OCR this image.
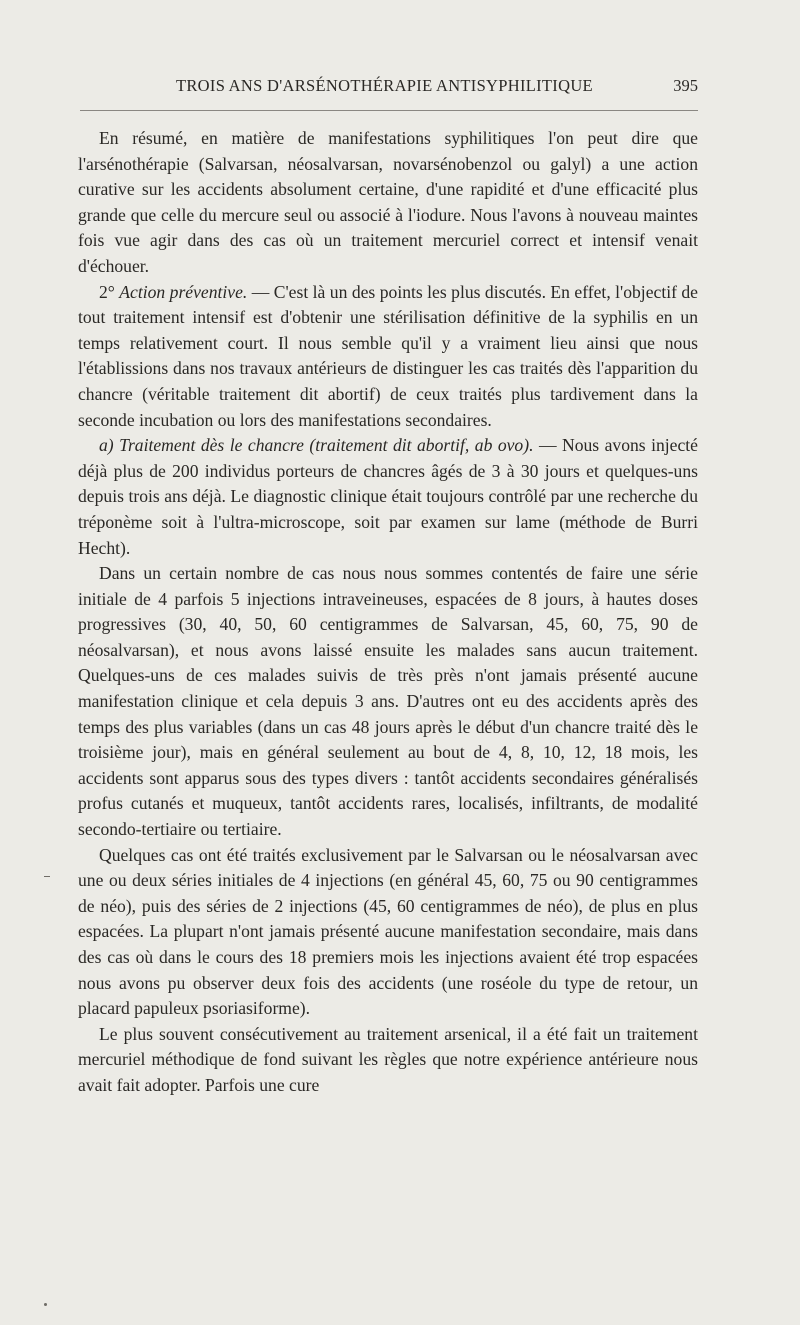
TROIS ANS D'ARSÉNOTHÉRAPIE ANTISYPHILITIQUE	395

En résumé, en matière de manifestations syphilitiques l'on peut dire que l'arsénothérapie (Salvarsan, néosalvarsan, novarsénobenzol ou galyl) a une action curative sur les accidents absolument certaine, d'une rapidité et d'une efficacité plus grande que celle du mercure seul ou associé à l'iodure. Nous l'avons à nouveau maintes fois vue agir dans des cas où un traitement mercuriel correct et intensif venait d'échouer.

2° Action préventive. — C'est là un des points les plus discutés. En effet, l'objectif de tout traitement intensif est d'obtenir une stérilisation définitive de la syphilis en un temps relativement court. Il nous semble qu'il y a vraiment lieu ainsi que nous l'établissions dans nos travaux antérieurs de distinguer les cas traités dès l'apparition du chancre (véritable traitement dit abortif) de ceux traités plus tardivement dans la seconde incubation ou lors des manifestations secondaires.

a) Traitement dès le chancre (traitement dit abortif, ab ovo). — Nous avons injecté déjà plus de 200 individus porteurs de chancres âgés de 3 à 30 jours et quelques-uns depuis trois ans déjà. Le diagnostic clinique était toujours contrôlé par une recherche du tréponème soit à l'ultra-microscope, soit par examen sur lame (méthode de Burri Hecht).

Dans un certain nombre de cas nous nous sommes contentés de faire une série initiale de 4 parfois 5 injections intraveineuses, espacées de 8 jours, à hautes doses progressives (30, 40, 50, 60 centigrammes de Salvarsan, 45, 60, 75, 90 de néosalvarsan), et nous avons laissé ensuite les malades sans aucun traitement. Quelques-uns de ces malades suivis de très près n'ont jamais présenté aucune manifestation clinique et cela depuis 3 ans. D'autres ont eu des accidents après des temps des plus variables (dans un cas 48 jours après le début d'un chancre traité dès le troisième jour), mais en général seulement au bout de 4, 8, 10, 12, 18 mois, les accidents sont apparus sous des types divers : tantôt accidents secondaires généralisés profus cutanés et muqueux, tantôt accidents rares, localisés, infiltrants, de modalité secondo-tertiaire ou tertiaire.

Quelques cas ont été traités exclusivement par le Salvarsan ou le néosalvarsan avec une ou deux séries initiales de 4 injections (en général 45, 60, 75 ou 90 centigrammes de néo), puis des séries de 2 injections (45, 60 centigrammes de néo), de plus en plus espacées. La plupart n'ont jamais présenté aucune manifestation secondaire, mais dans des cas où dans le cours des 18 premiers mois les injections avaient été trop espacées nous avons pu observer deux fois des accidents (une roséole du type de retour, un placard papuleux psoriasiforme).

Le plus souvent consécutivement au traitement arsenical, il a été fait un traitement mercuriel méthodique de fond suivant les règles que notre expérience antérieure nous avait fait adopter. Parfois une cure
